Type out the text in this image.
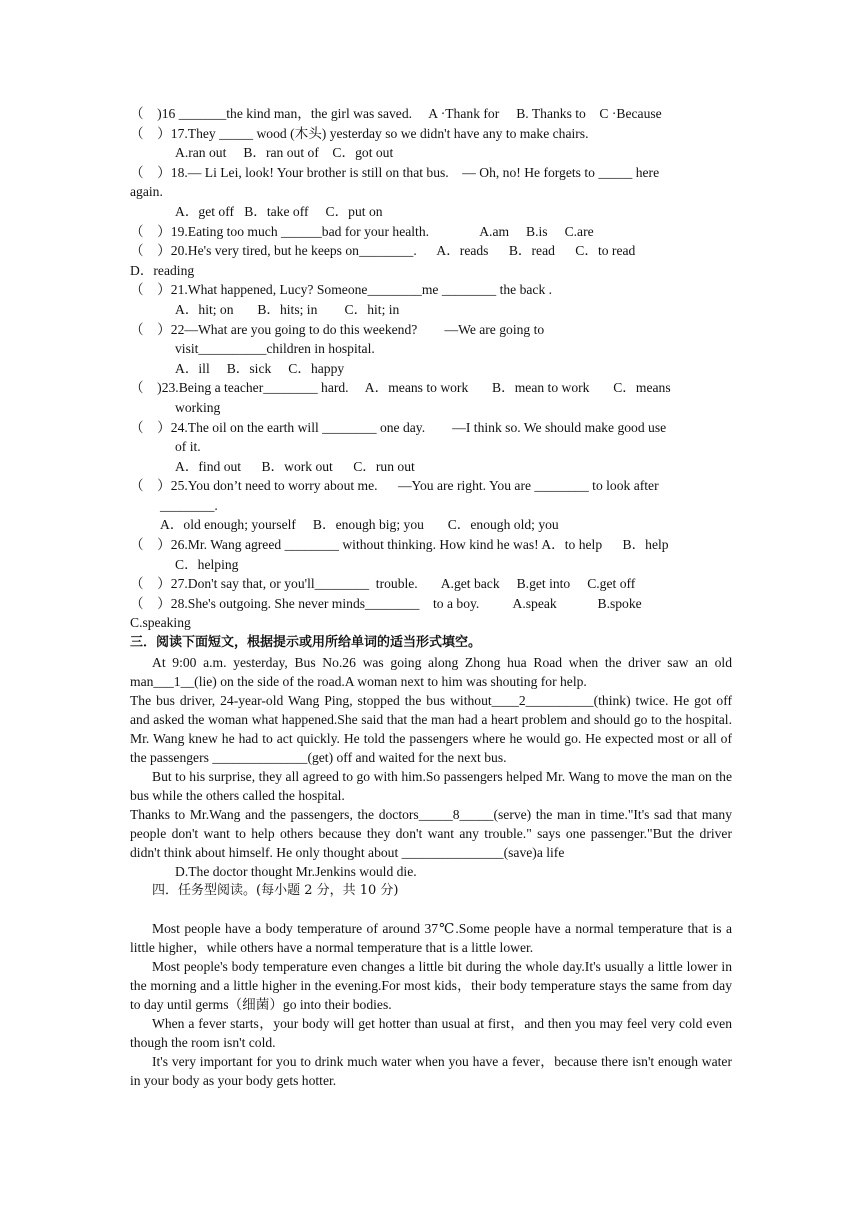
（    )16 _______the kind man，the girl was saved.     A ·Thank for     B. Thanks to    C ·Because

（    ）17.They _____ wood (木头) yesterday so we didn't have any to make chairs.

A.ran out     B．ran out of    C．got out

（    ）18.— Li Lei, look! Your brother is still on that bus.    — Oh, no! He forgets to _____ here

again.

A．get off   B．take off     C．put on

（    ）19.Eating too much ______bad for your health.               A.am     B.is     C.are

（    ）20.He's very tired, but he keeps on________.      A．reads      B．read      C．to read

D．reading

（    ）21.What happened, Lucy? Someone________me ________ the back .

A．hit; on       B．hits; in        C．hit; in

（    ）22—What are you going to do this weekend?        —We are going to

visit__________children in hospital.

A．ill     B．sick     C．happy

（    )23.Being a teacher________ hard.     A．means to work       B．mean to work       C．means

working

（    ）24.The oil on the earth will ________ one day.        —I think so. We should make good use

of it.

A．find out      B．work out      C．run out

（    ）25.You don’t need to worry about me.      —You are right. You are ________ to look after

________.

A．old enough; yourself     B．enough big; you       C．enough old; you

（    ）26.Mr. Wang agreed ________ without thinking. How kind he was! A．to help      B．help

C．helping

（    ）27.Don't say that, or you'll________  trouble.       A.get back     B.get into     C.get off

（    ）28.She's outgoing. She never minds________    to a boy.          A.speak            B.spoke

C.speaking

三．阅读下面短文，根据提示或用所给单词的适当形式填空。

At 9:00 a.m. yesterday, Bus No.26 was going along Zhong hua Road when the driver saw an old man___1__(lie) on the side of the road.A woman next to him was shouting for help.

The bus driver, 24-year-old Wang Ping, stopped the bus without____2__________(think) twice. He got off and asked the woman what happened.She said that the man had a heart problem and should go to the hospital. Mr. Wang knew he had to act quickly. He told the passengers where he would go. He expected most or all of the passengers ______________(get) off and waited for the next bus.

But to his surprise, they all agreed to go with him.So passengers helped Mr. Wang to move the man on the bus while the others called the hospital.

Thanks to Mr.Wang and the passengers, the doctors_____8_____(serve) the man in time."It's sad that many people don't want to help others because they don't want any trouble." says one passenger."But the driver didn't think about himself. He only thought about _______________(save)a life

D.The doctor thought Mr.Jenkins would die.

四．任务型阅读。(每小题 2 分，共 10 分)

Most people have a body temperature of around 37℃.Some people have a normal temperature that is a little higher，while others have a normal temperature that is a little lower.

Most people's body temperature even changes a little bit during the whole day.It's usually a little lower in the morning and a little higher in the evening.For most kids，their body temperature stays the same from day to day until germs（细菌）go into their bodies.

When a fever starts，your body will get hotter than usual at first，and then you may feel very cold even though the room isn't cold.

It's very important for you to drink much water when you have a fever，because there isn't enough water in your body as your body gets hotter.
